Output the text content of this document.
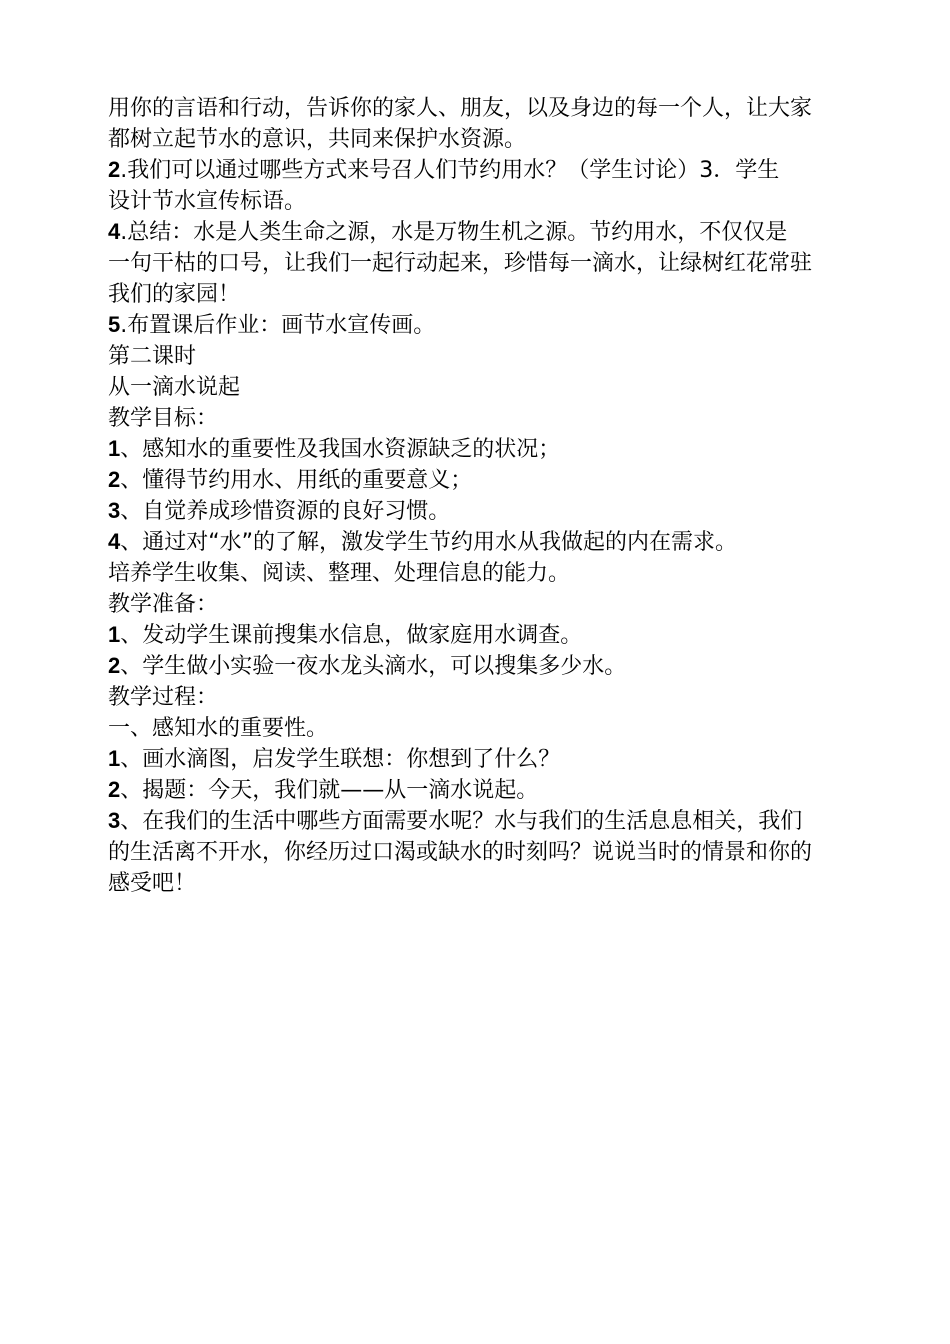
用你的言语和行动，告诉你的家人、朋友，以及身边的每一个人，让大家
都树立起节水的意识，共同来保护水资源。
2.我们可以通过哪些方式来号召人们节约用水？（学生讨论）3．学生
设计节水宣传标语。
4.总结：水是人类生命之源，水是万物生机之源。节约用水，不仅仅是
一句干枯的口号，让我们一起行动起来，珍惜每一滴水，让绿树红花常驻
我们的家园！
5.布置课后作业：画节水宣传画。
第二课时
从一滴水说起
教学目标：
1、感知水的重要性及我国水资源缺乏的状况；
2、懂得节约用水、用纸的重要意义；
3、自觉养成珍惜资源的良好习惯。
4、通过对“水”的了解，激发学生节约用水从我做起的内在需求。
培养学生收集、阅读、整理、处理信息的能力。
教学准备：
1、发动学生课前搜集水信息，做家庭用水调查。
2、学生做小实验一夜水龙头滴水，可以搜集多少水。
教学过程：
一、感知水的重要性。
1、画水滴图，启发学生联想：你想到了什么？
2、揭题：今天，我们就——从一滴水说起。
3、在我们的生活中哪些方面需要水呢？水与我们的生活息息相关，我们
的生活离不开水，你经历过口渴或缺水的时刻吗？说说当时的情景和你的
感受吧！
